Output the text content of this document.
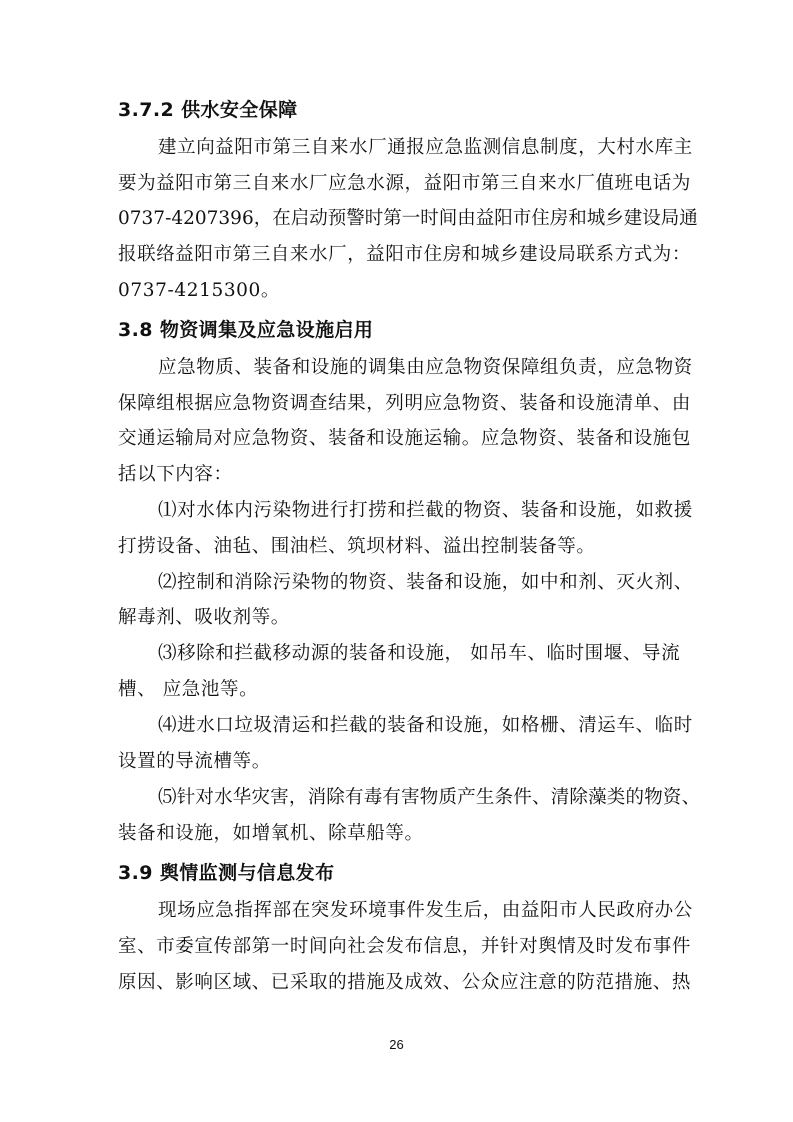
3.7.2 供水安全保障
建立向益阳市第三自来水厂通报应急监测信息制度，大村水库主
要为益阳市第三自来水厂应急水源，益阳市第三自来水厂值班电话为
0737-4207396，在启动预警时第一时间由益阳市住房和城乡建设局通
报联络益阳市第三自来水厂，益阳市住房和城乡建设局联系方式为：
0737-4215300。
3.8 物资调集及应急设施启用
应急物质、装备和设施的调集由应急物资保障组负责，应急物资
保障组根据应急物资调查结果，列明应急物资、装备和设施清单、由
交通运输局对应急物资、装备和设施运输。应急物资、装备和设施包
括以下内容：
⑴对水体内污染物进行打捞和拦截的物资、装备和设施，如救援
打捞设备、油毡、围油栏、筑坝材料、溢出控制装备等。
⑵控制和消除污染物的物资、装备和设施，如中和剂、灭火剂、
解毒剂、吸收剂等。
⑶移除和拦截移动源的装备和设施， 如吊车、临时围堰、导流
槽、 应急池等。
⑷进水口垃圾清运和拦截的装备和设施，如格栅、清运车、临时
设置的导流槽等。
⑸针对水华灾害，消除有毒有害物质产生条件、清除藻类的物资、
装备和设施，如增氧机、除草船等。
3.9 舆情监测与信息发布
现场应急指挥部在突发环境事件发生后，由益阳市人民政府办公
室、市委宣传部第一时间向社会发布信息，并针对舆情及时发布事件
原因、影响区域、已采取的措施及成效、公众应注意的防范措施、热
26
